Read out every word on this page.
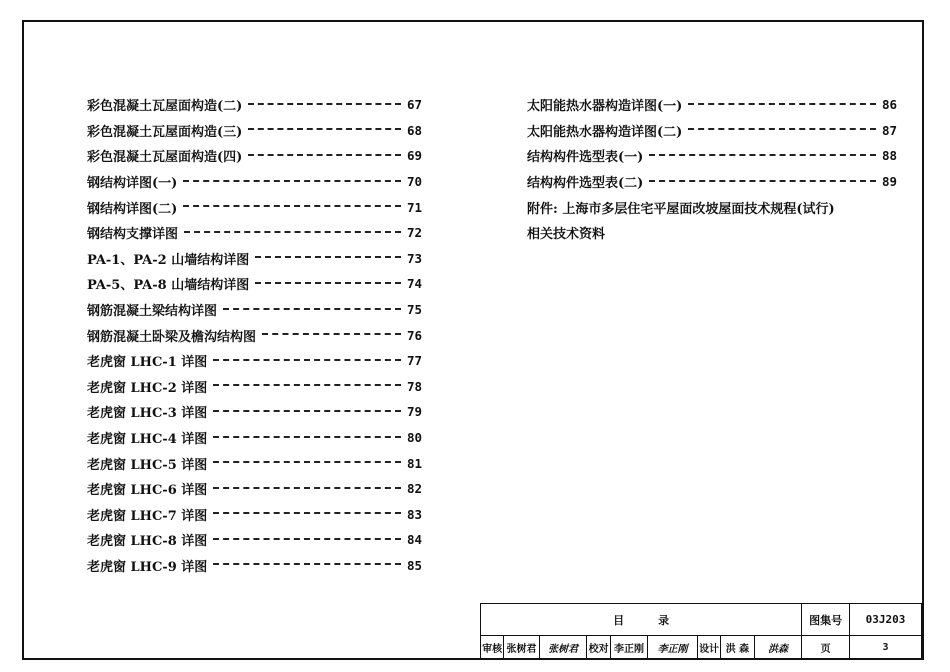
彩色混凝土瓦屋面构造(二)	67
彩色混凝土瓦屋面构造(三)	68
彩色混凝土瓦屋面构造(四)	69
钢结构详图(一)	70
钢结构详图(二)	71
钢结构支撑详图	72
PA-1、PA-2 山墙结构详图	73
PA-5、PA-8 山墙结构详图	74
钢筋混凝土梁结构详图	75
钢筋混凝土卧梁及檐沟结构图	76
老虎窗 LHC-1 详图	77
老虎窗 LHC-2 详图	78
老虎窗 LHC-3 详图	79
老虎窗 LHC-4 详图	80
老虎窗 LHC-5 详图	81
老虎窗 LHC-6 详图	82
老虎窗 LHC-7 详图	83
老虎窗 LHC-8 详图	84
老虎窗 LHC-9 详图	85
太阳能热水器构造详图(一)	86
太阳能热水器构造详图(二)	87
结构构件选型表(一)	88
结构构件选型表(二)	89
附件: 上海市多层住宅平屋面改坡屋面技术规程(试行)
相关技术资料
目录									图集号	03J203
审核	张树君	张树君	校对	李正刚	李正刚	设计	洪 森	洪森	页	3
